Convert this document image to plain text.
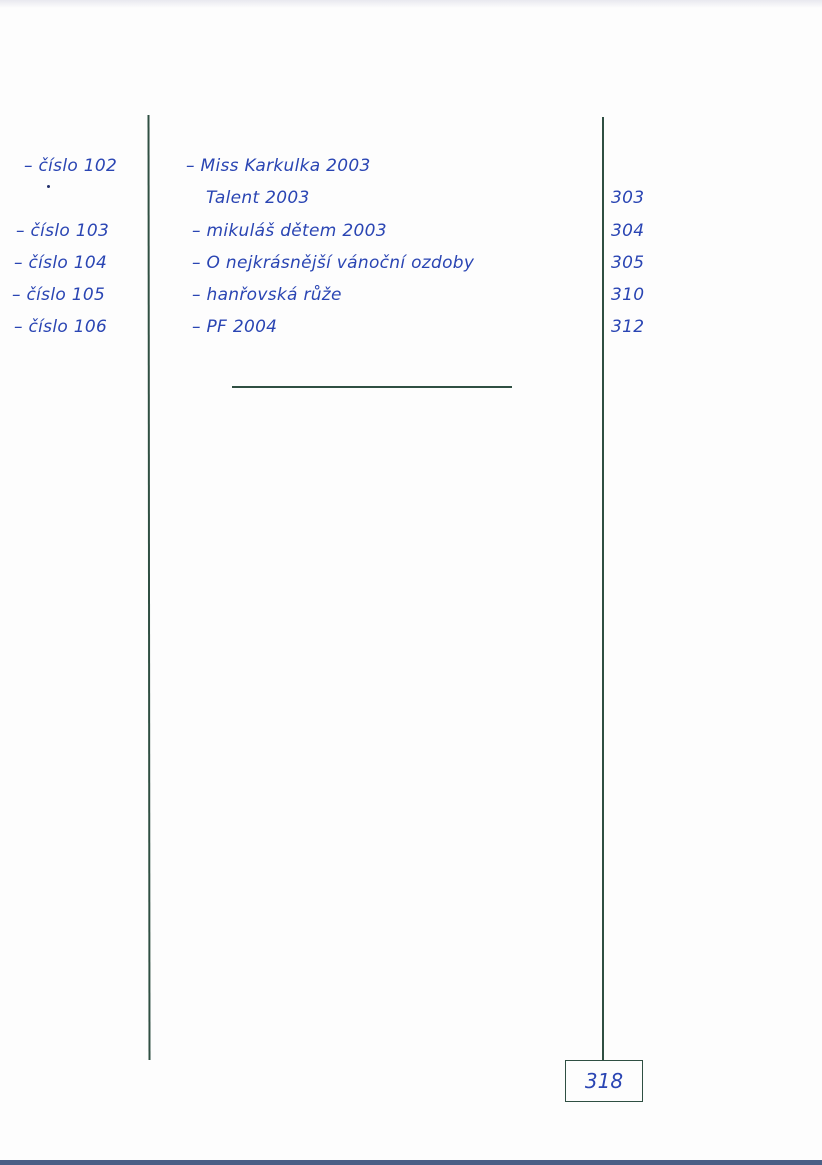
– číslo 102	– Miss Karkulka 2003
Talent 2003	303
– číslo 103	– mikuláš dětem 2003	304
– číslo 104	– O nejkrásnější vánoční ozdoby	305
– číslo 105	– hanřovská růže	310
– číslo 106	– PF 2004	312
318
